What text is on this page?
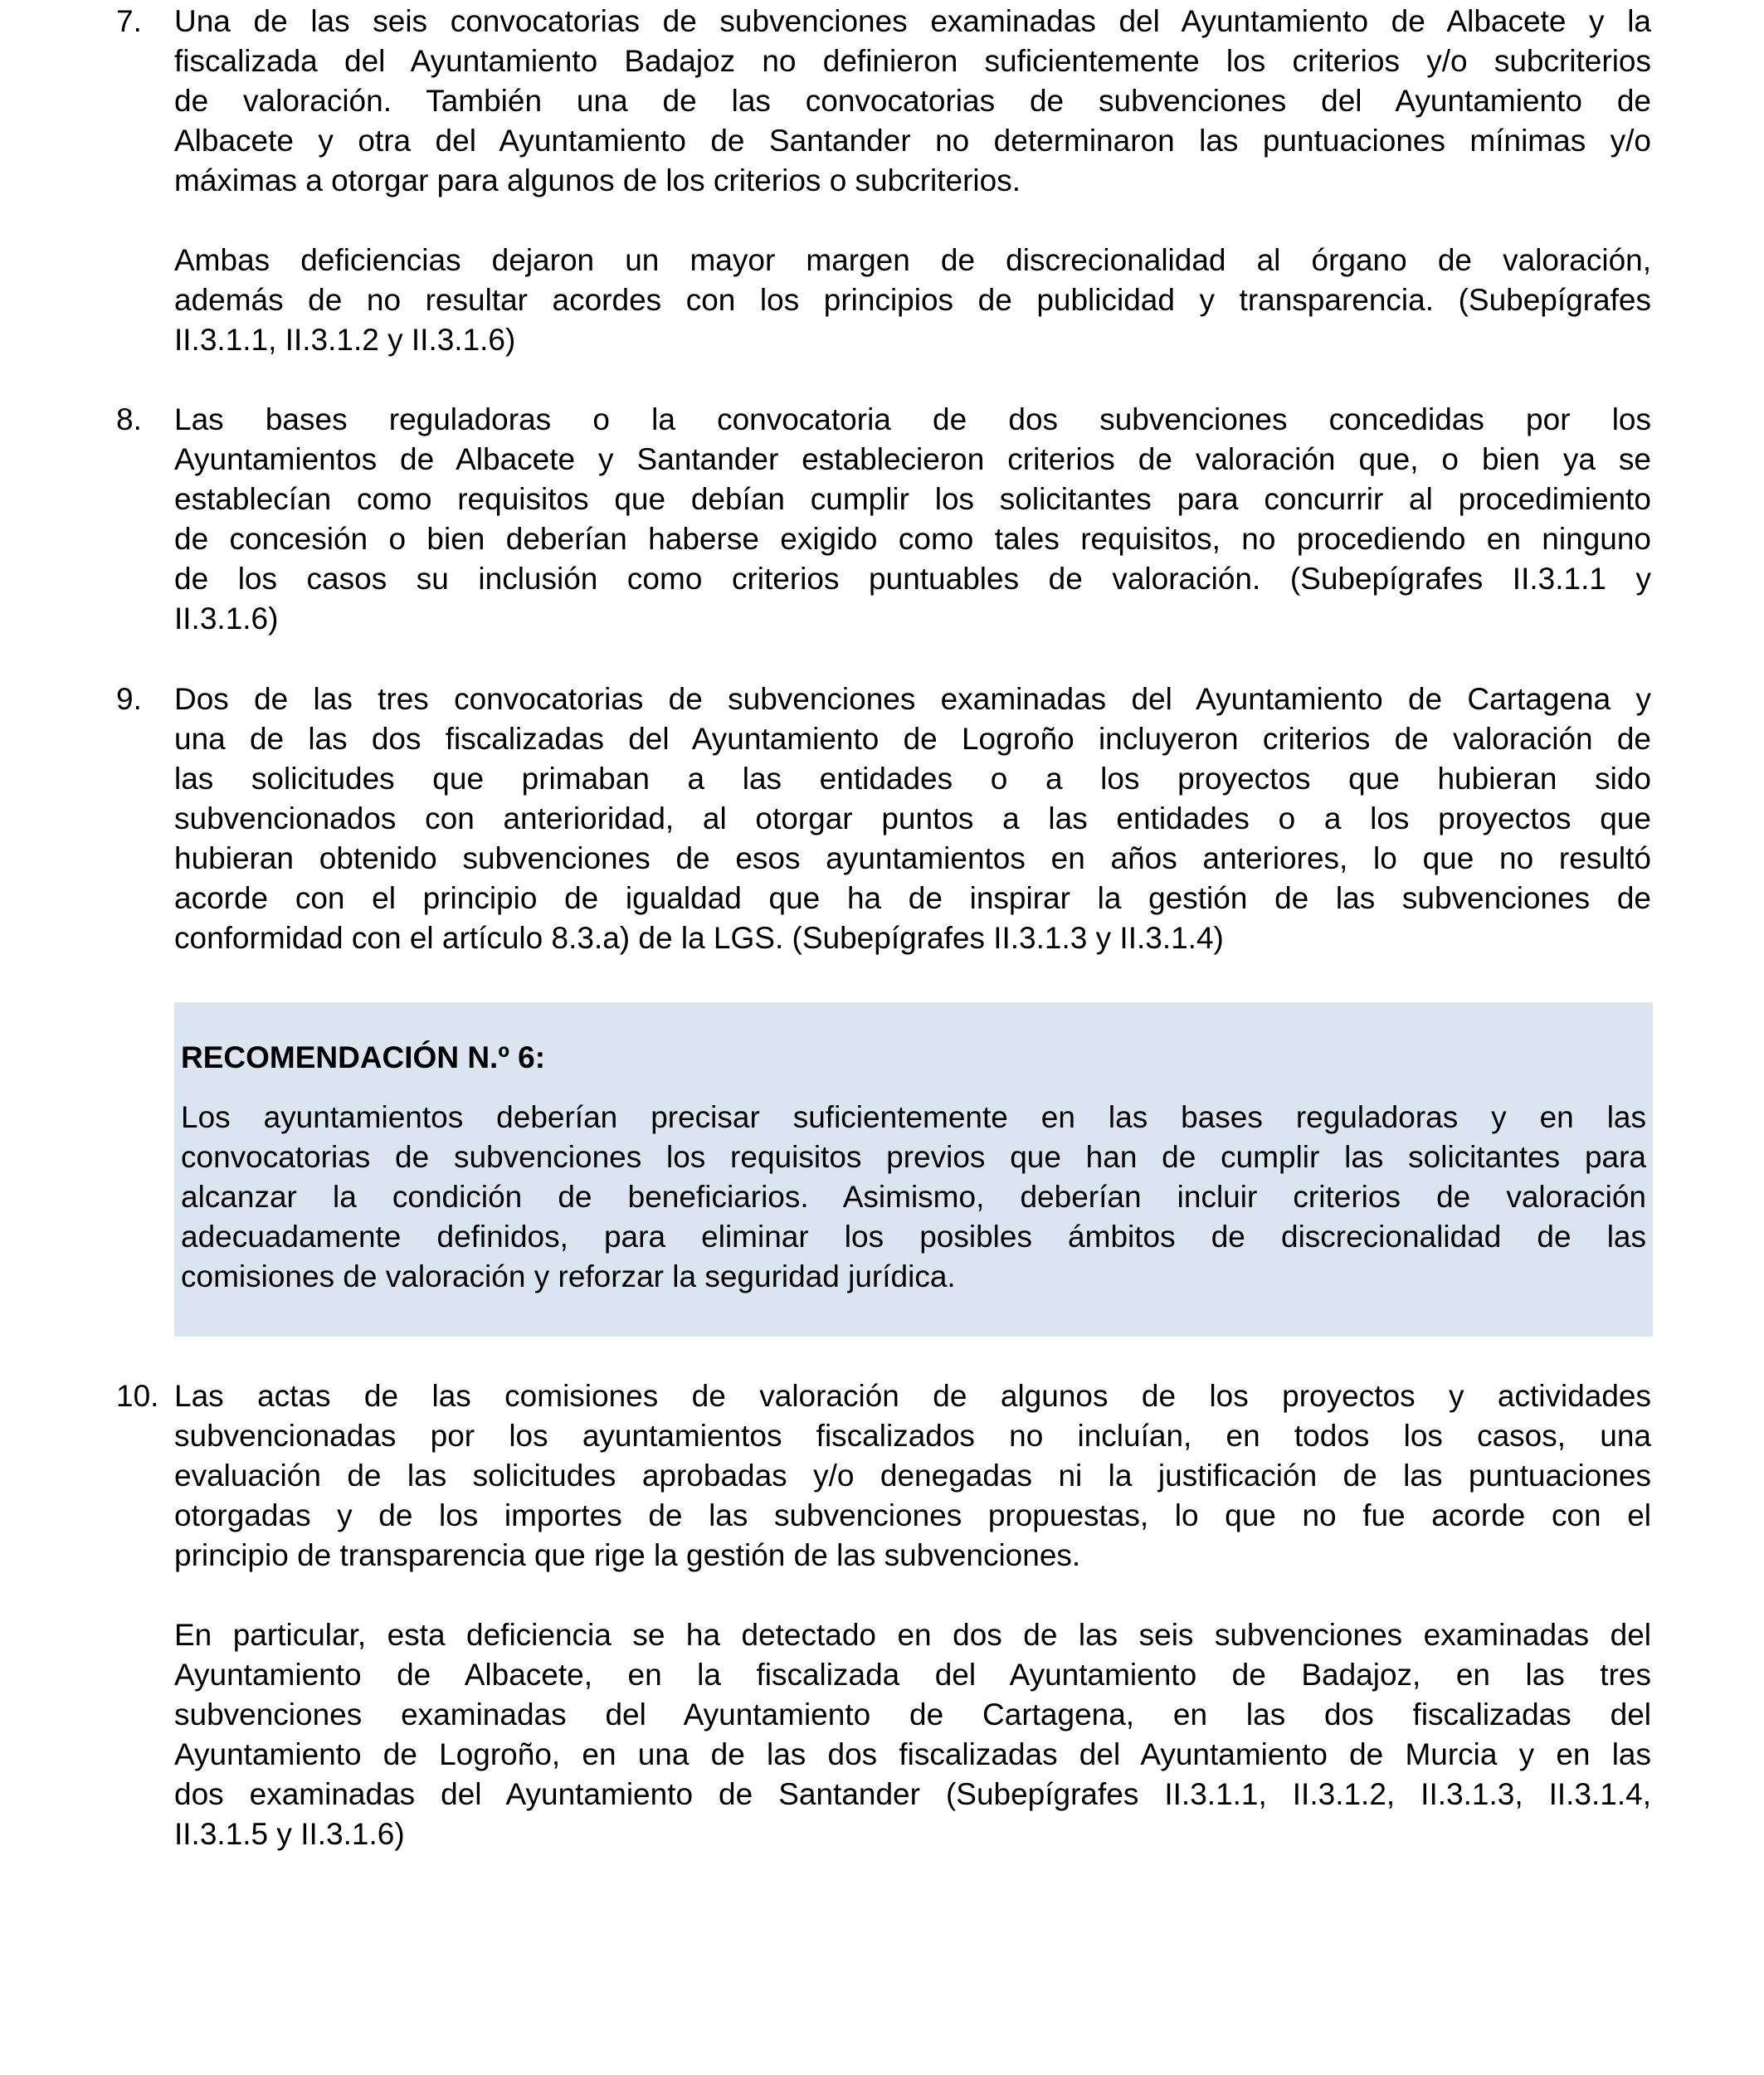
7. Una de las seis convocatorias de subvenciones examinadas del Ayuntamiento de Albacete y la
fiscalizada del Ayuntamiento Badajoz no definieron suficientemente los criterios y/o subcriterios
de valoración. También una de las convocatorias de subvenciones del Ayuntamiento de
Albacete y otra del Ayuntamiento de Santander no determinaron las puntuaciones mínimas y/o
máximas a otorgar para algunos de los criterios o subcriterios.
Ambas deficiencias dejaron un mayor margen de discrecionalidad al órgano de valoración,
además de no resultar acordes con los principios de publicidad y transparencia. (Subepígrafes
II.3.1.1, II.3.1.2 y II.3.1.6)
8. Las bases reguladoras o la convocatoria de dos subvenciones concedidas por los
Ayuntamientos de Albacete y Santander establecieron criterios de valoración que, o bien ya se
establecían como requisitos que debían cumplir los solicitantes para concurrir al procedimiento
de concesión o bien deberían haberse exigido como tales requisitos, no procediendo en ninguno
de los casos su inclusión como criterios puntuables de valoración. (Subepígrafes II.3.1.1 y
II.3.1.6)
9. Dos de las tres convocatorias de subvenciones examinadas del Ayuntamiento de Cartagena y
una de las dos fiscalizadas del Ayuntamiento de Logroño incluyeron criterios de valoración de
las solicitudes que primaban a las entidades o a los proyectos que hubieran sido
subvencionados con anterioridad, al otorgar puntos a las entidades o a los proyectos que
hubieran obtenido subvenciones de esos ayuntamientos en años anteriores, lo que no resultó
acorde con el principio de igualdad que ha de inspirar la gestión de las subvenciones de
conformidad con el artículo 8.3.a) de la LGS. (Subepígrafes II.3.1.3 y II.3.1.4)
10. Las actas de las comisiones de valoración de algunos de los proyectos y actividades
subvencionadas por los ayuntamientos fiscalizados no incluían, en todos los casos, una
evaluación de las solicitudes aprobadas y/o denegadas ni la justificación de las puntuaciones
otorgadas y de los importes de las subvenciones propuestas, lo que no fue acorde con el
principio de transparencia que rige la gestión de las subvenciones.
En particular, esta deficiencia se ha detectado en dos de las seis subvenciones examinadas del
Ayuntamiento de Albacete, en la fiscalizada del Ayuntamiento de Badajoz, en las tres
subvenciones examinadas del Ayuntamiento de Cartagena, en las dos fiscalizadas del
Ayuntamiento de Logroño, en una de las dos fiscalizadas del Ayuntamiento de Murcia y en las
dos examinadas del Ayuntamiento de Santander (Subepígrafes II.3.1.1, II.3.1.2, II.3.1.3, II.3.1.4,
II.3.1.5 y II.3.1.6)
RECOMENDACIÓN N.º 6:
Los ayuntamientos deberían precisar suficientemente en las bases reguladoras y en las
convocatorias de subvenciones los requisitos previos que han de cumplir las solicitantes para
alcanzar la condición de beneficiarios. Asimismo, deberían incluir criterios de valoración
adecuadamente definidos, para eliminar los posibles ámbitos de discrecionalidad de las
comisiones de valoración y reforzar la seguridad jurídica.
